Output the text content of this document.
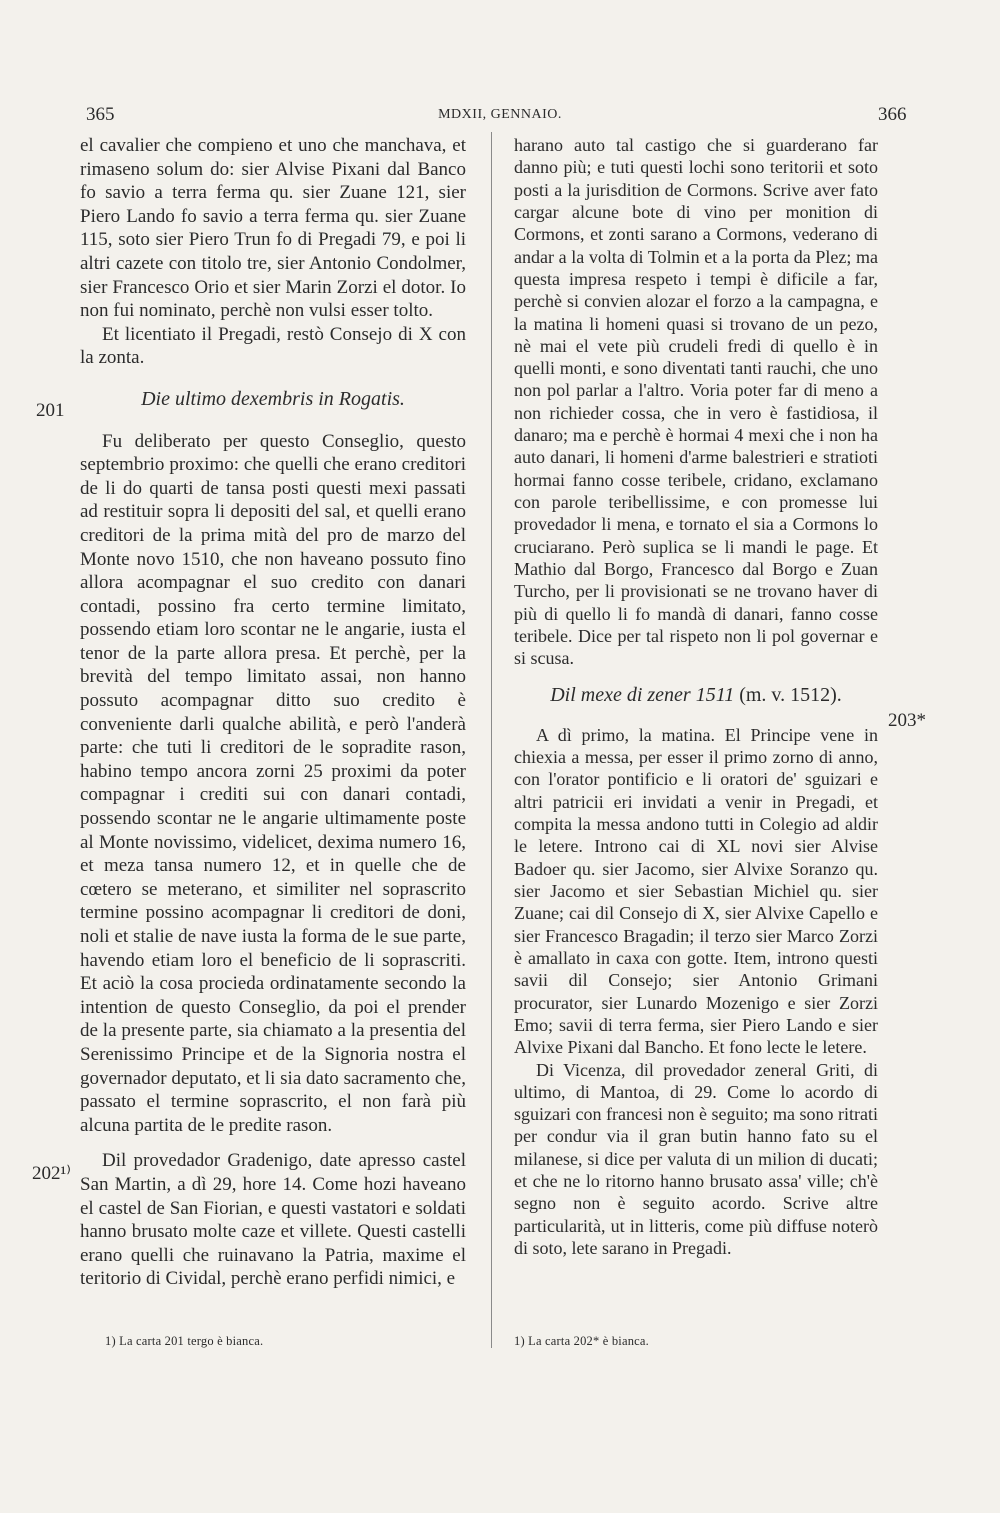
365	MDXII, GENNAIO.	366
201
202¹⁾
203*

el cavalier che compieno et uno che manchava, et rimaseno solum do: sier Alvise Pixani dal Banco fo savio a terra ferma qu. sier Zuane 121, sier Piero Lando fo savio a terra ferma qu. sier Zuane 115, soto sier Piero Trun fo di Pregadi 79, e poi li altri cazete con titolo tre, sier Antonio Condolmer, sier Francesco Orio et sier Marin Zorzi el dotor. Io non fui nominato, perchè non vulsi esser tolto.

Et licentiato il Pregadi, restò Consejo di X con la zonta.

Die ultimo dexembris in Rogatis.

Fu deliberato per questo Conseglio, questo septembrio proximo: che quelli che erano creditori de li do quarti de tansa posti questi mexi passati ad restituir sopra li depositi del sal, et quelli erano creditori de la prima mità del pro de marzo del Monte novo 1510, che non haveano possuto fino allora acompagnar el suo credito con danari contadi, possino fra certo termine limitato, possendo etiam loro scontar ne le angarie, iusta el tenor de la parte allora presa. Et perchè, per la brevità del tempo limitato assai, non hanno possuto acompagnar ditto suo credito è conveniente darli qualche abilità, e però l'anderà parte: che tuti li creditori de le sopradite rason, habino tempo ancora zorni 25 proximi da poter compagnar i crediti sui con danari contadi, possendo scontar ne le angarie ultimamente poste al Monte novissimo, videlicet, dexima numero 16, et meza tansa numero 12, et in quelle che de cœtero se meterano, et similiter nel soprascrito termine possino acompagnar li creditori de doni, noli et stalie de nave iusta la forma de le sue parte, havendo etiam loro el beneficio de li soprascriti. Et aciò la cosa procieda ordinatamente secondo la intention de questo Conseglio, da poi el prender de la presente parte, sia chiamato a la presentia del Serenissimo Principe et de la Signoria nostra el governador deputato, et li sia dato sacramento che, passato el termine soprascrito, el non farà più alcuna partita de le predite rason.

Dil provedador Gradenigo, date apresso castel San Martin, a dì 29, hore 14. Come hozi haveano el castel de San Fiorian, e questi vastatori e soldati hanno brusato molte caze et villete. Questi castelli erano quelli che ruinavano la Patria, maxime el teritorio di Cividal, perchè erano perfidi nimici, e

harano auto tal castigo che si guarderano far danno più; e tuti questi lochi sono teritorii et soto posti a la jurisdition de Cormons. Scrive aver fato cargar alcune bote di vino per monition di Cormons, et zonti sarano a Cormons, vederano di andar a la volta di Tolmin et a la porta da Plez; ma questa impresa respeto i tempi è dificile a far, perchè si convien alozar el forzo a la campagna, e la matina li homeni quasi si trovano de un pezo, nè mai el vete più crudeli fredi di quello è in quelli monti, e sono diventati tanti rauchi, che uno non pol parlar a l'altro. Voria poter far di meno a non richieder cossa, che in vero è fastidiosa, il danaro; ma e perchè è hormai 4 mexi che i non ha auto danari, li homeni d'arme balestrieri e stratioti hormai fanno cosse teribele, cridano, exclamano con parole teribellissime, e con promesse lui provedador li mena, e tornato el sia a Cormons lo cruciarano. Però suplica se li mandi le page. Et Mathio dal Borgo, Francesco dal Borgo e Zuan Turcho, per li provisionati se ne trovano haver di più di quello li fo mandà di danari, fanno cosse teribele. Dice per tal rispeto non li pol governar e si scusa.

Dil mexe di zener 1511 (m. v. 1512).

A dì primo, la matina. El Principe vene in chiexia a messa, per esser il primo zorno di anno, con l'orator pontificio e li oratori de' sguizari e altri patricii eri invidati a venir in Pregadi, et compita la messa andono tutti in Colegio ad aldir le letere. Introno cai di XL novi sier Alvise Badoer qu. sier Jacomo, sier Alvixe Soranzo qu. sier Jacomo et sier Sebastian Michiel qu. sier Zuane; cai dil Consejo di X, sier Alvixe Capello e sier Francesco Bragadin; il terzo sier Marco Zorzi è amallato in caxa con gotte. Item, introno questi savii dil Consejo; sier Antonio Grimani procurator, sier Lunardo Mozenigo e sier Zorzi Emo; savii di terra ferma, sier Piero Lando e sier Alvixe Pixani dal Bancho. Et fono lecte le letere.

Di Vicenza, dil provedador zeneral Griti, di ultimo, di Mantoa, di 29. Come lo acordo di sguizari con francesi non è seguito; ma sono ritrati per condur via il gran butin hanno fato su el milanese, si dice per valuta di un milion di ducati; et che ne lo ritorno hanno brusato assa' ville; ch'è segno non è seguito acordo. Scrive altre particularità, ut in litteris, come più diffuse noterò di soto, lete sarano in Pregadi.

1) La carta 201 tergo è bianca.	1) La carta 202* è bianca.
